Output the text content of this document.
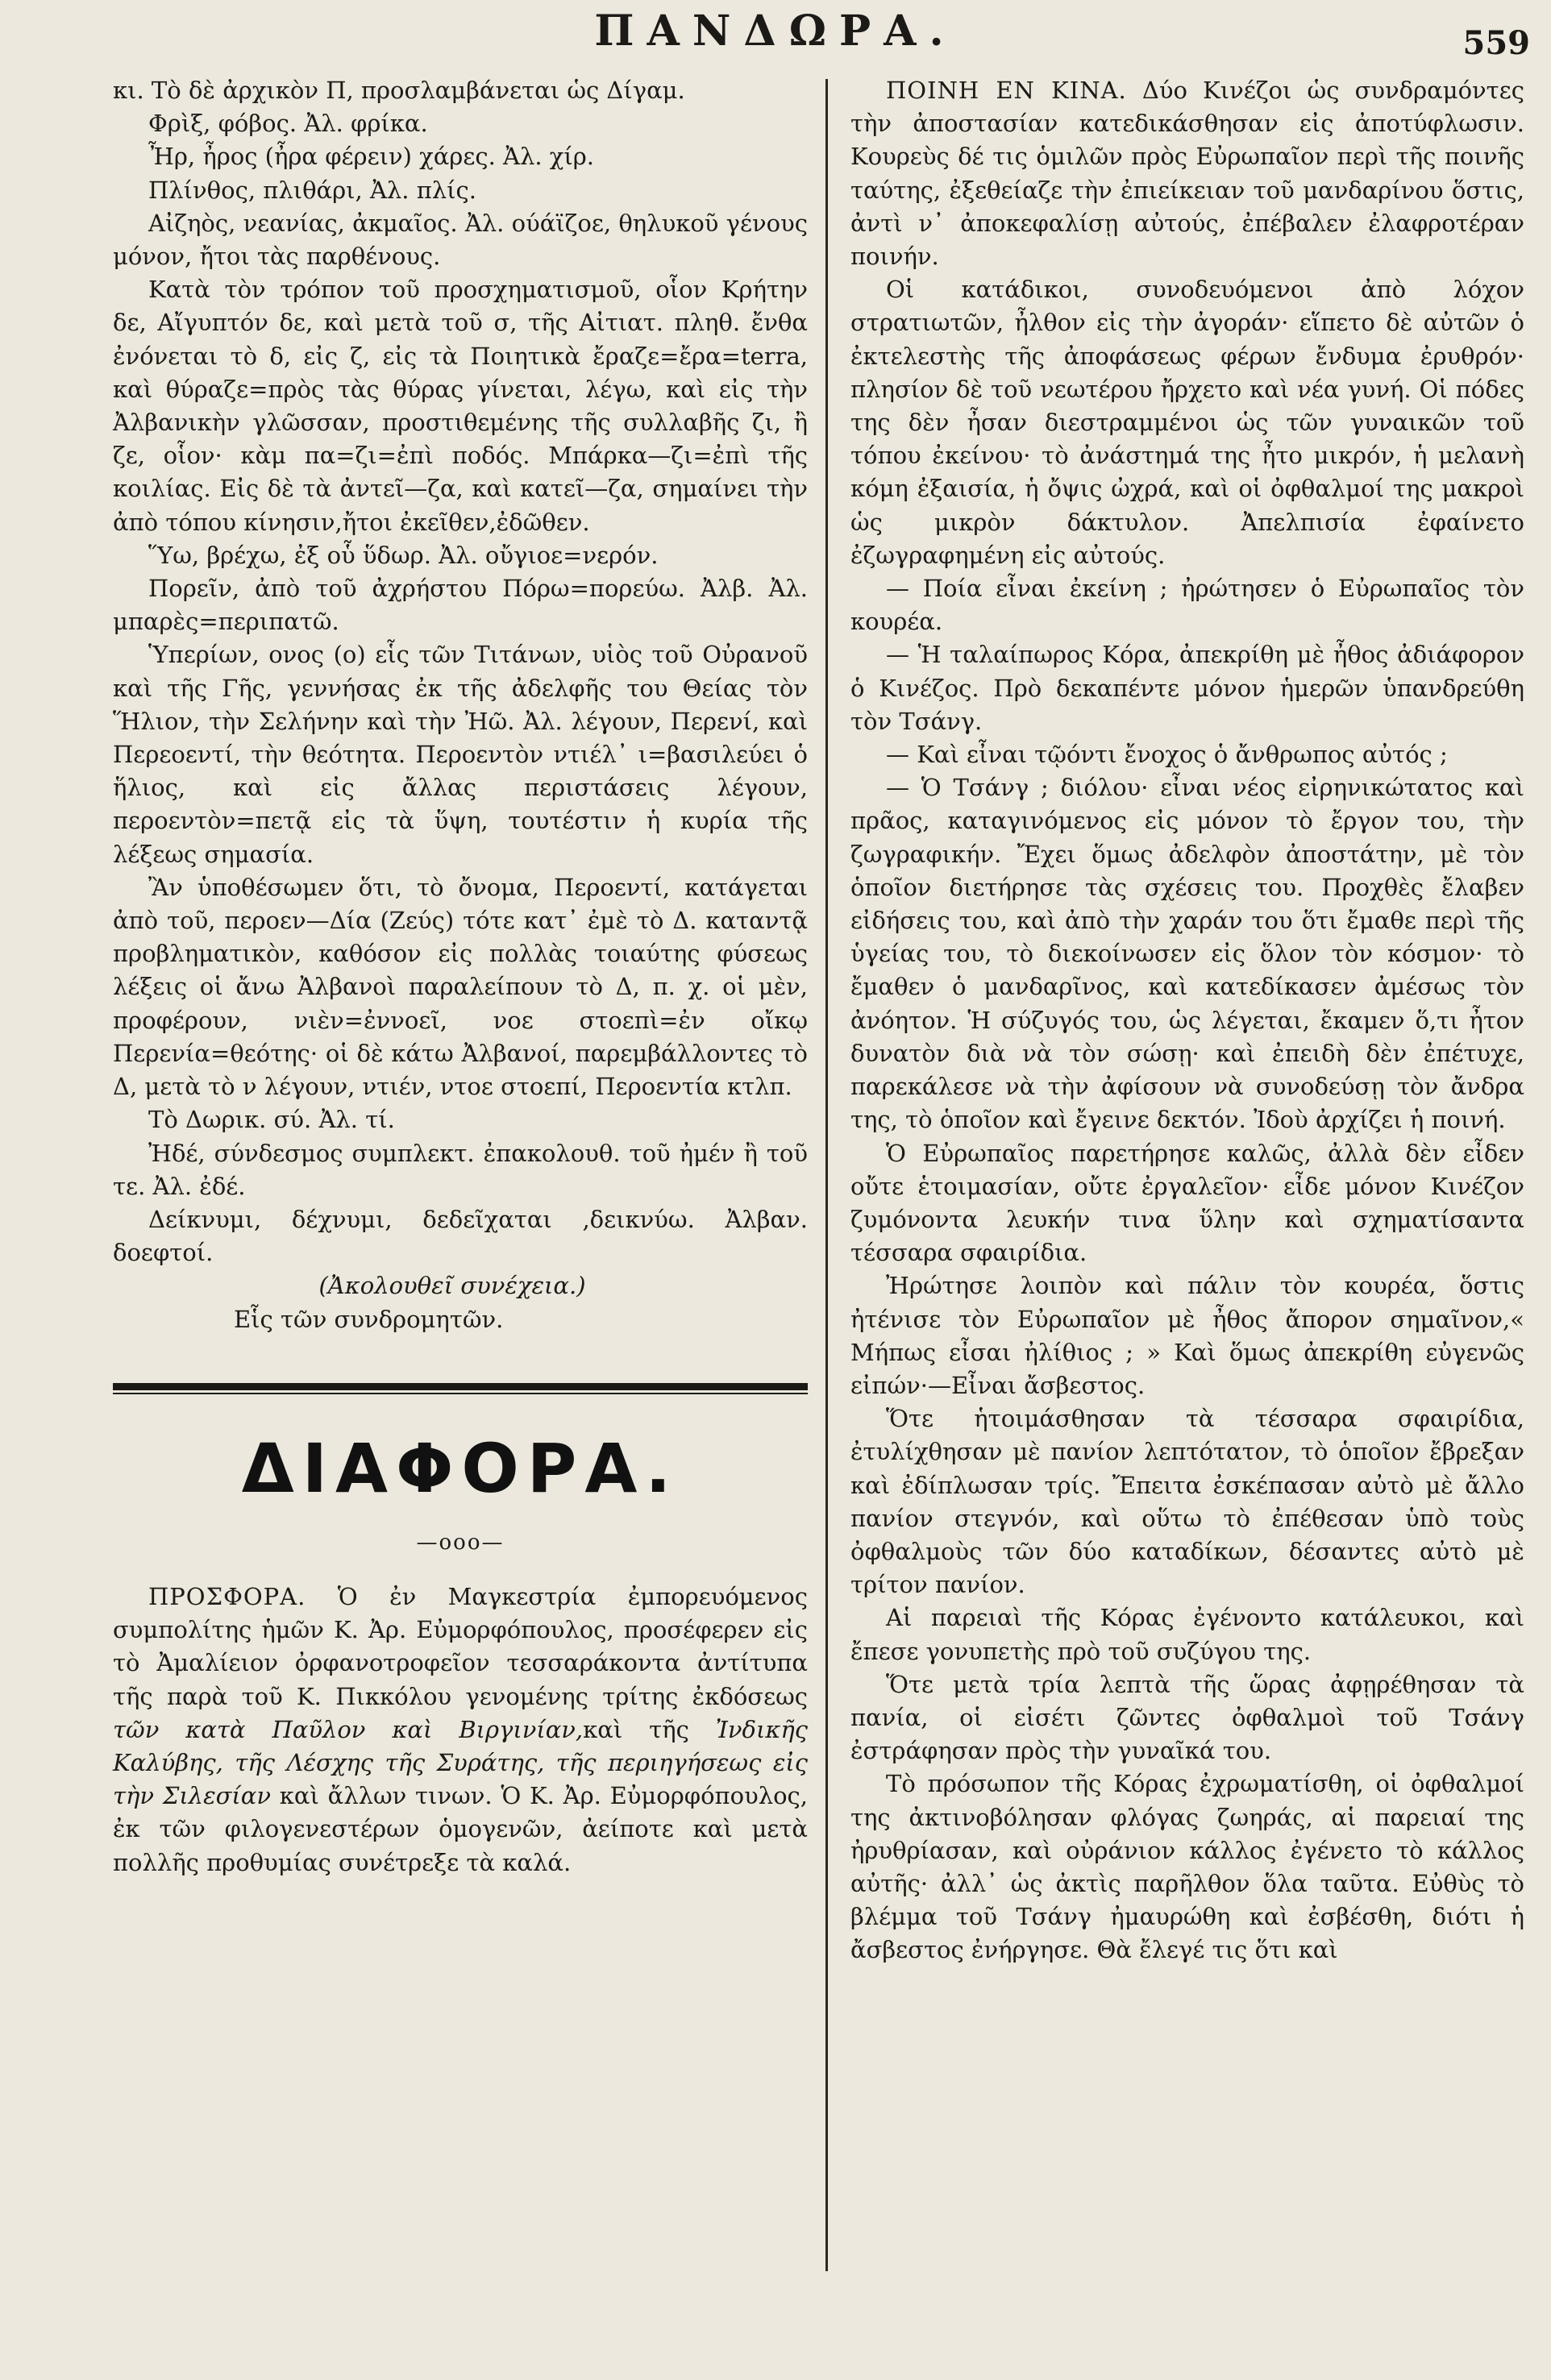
ΠΑΝΔΩΡΑ.	559

κι. Τὸ δὲ ἀρχικὸν Π, προσλαμβάνεται ὡς Δίγαμ.

Φρὶξ, φόβος. Ἀλ. φρίκα.

Ἦρ, ἦρος (ἦρα φέρειν) χάρες. Ἀλ. χίρ.

Πλίνθος, πλιθάρι, Ἀλ. πλίς.

Αἰζηὸς, νεανίας, ἀκμαῖος. Ἀλ. ούάϊζοε, θηλυκοῦ γένους μόνον, ἤτοι τὰς παρθένους.

Κατὰ τὸν τρόπον τοῦ προσχηματισμοῦ, οἷον Κρήτην δε, Αἴγυπτόν δε, καὶ μετὰ τοῦ σ, τῆς Αἰτιατ. πληθ. ἔνθα ἐνόνεται τὸ δ, εἰς ζ, εἰς τὰ Ποιητικὰ ἔραζε=ἔρα=terra, καὶ θύραζε=πρὸς τὰς θύρας γίνεται, λέγω, καὶ εἰς τὴν Ἀλβανικὴν γλῶσσαν, προστιθεμένης τῆς συλλαβῆς ζι, ἢ ζε, οἷον· κὰμ πα=ζι=ἐπὶ ποδός. Μπάρκα—ζι=ἐπὶ τῆς κοιλίας. Εἰς δὲ τὰ ἀντεῖ—ζα, καὶ κατεῖ—ζα, σημαίνει τὴν ἀπὸ τόπου κίνησιν,ἤτοι ἐκεῖθεν,ἐδῶθεν.

Ὕω, βρέχω, ἐξ οὗ ὕδωρ. Ἀλ. οὔγιοε=νερόν.

Πορεῖν, ἀπὸ τοῦ ἀχρήστου Πόρω=πορεύω. Ἀλβ. Ἀλ. μπαρὲς=περιπατῶ.

Ὑπερίων, ονος (ο) εἷς τῶν Τιτάνων, υἱὸς τοῦ Οὐρανοῦ καὶ τῆς Γῆς, γεννήσας ἐκ τῆς ἀδελφῆς του Θείας τὸν Ἥλιον, τὴν Σελήνην καὶ τὴν Ἠῶ. Ἀλ. λέγουν, Περενί, καὶ Περεοεντί, τὴν θεότητα. Περοεντὸν ντιέλ᾽ ι=βασιλεύει ὁ ἥλιος, καὶ εἰς ἄλλας περιστάσεις λέγουν, περοεντὸν=πετᾷ εἰς τὰ ὕψη, τουτέστιν ἡ κυρία τῆς λέξεως σημασία.

Ἂν ὑποθέσωμεν ὅτι, τὸ ὄνομα, Περοεντί, κατάγεται ἀπὸ τοῦ, περοεν—Δία (Ζεύς) τότε κατ᾽ ἐμὲ τὸ Δ. καταντᾷ προβληματικὸν, καθόσον εἰς πολλὰς τοιαύτης φύσεως λέξεις οἱ ἄνω Ἀλβανοὶ παραλείπουν τὸ Δ, π. χ. οἱ μὲν, προφέρουν, νιὲν=ἐννοεῖ, νοε στοεπὶ=ἐν οἴκῳ Περενία=θεότης· οἱ δὲ κάτω Ἀλβανοί, παρεμβάλλοντες τὸ Δ, μετὰ τὸ ν λέγουν, ντιέν, ντοε στοεπί, Περοεντία κτλπ.

Τὸ Δωρικ. σύ. Ἀλ. τί.

Ἠδέ, σύνδεσμος συμπλεκτ. ἐπακολουθ. τοῦ ἠμέν ἢ τοῦ τε. Ἀλ. ἐδέ.

Δείκνυμι, δέχνυμι, δεδεῖχαται ,δεικνύω. Ἀλβαν. δοεφτοί.

(Ἀκολουθεῖ συνέχεια.)

Εἷς τῶν συνδρομητῶν.

ΔΙΑΦΟΡΑ.
—ooo—

ΠΡΟΣΦΟΡΑ. Ὁ ἐν Μαγκεστρία ἐμπορευόμενος συμπολίτης ἡμῶν Κ. Ἀρ. Εὐμορφόπουλος, προσέφερεν εἰς τὸ Ἀμαλίειον ὀρφανοτροφεῖον τεσσαράκοντα ἀντίτυπα τῆς παρὰ τοῦ Κ. Πικκόλου γενομένης τρίτης ἐκδόσεως τῶν κατὰ Παῦλον καὶ Βιργινίαν,καὶ τῆς Ἰνδικῆς Καλύβης, τῆς Λέσχης τῆς Συράτης, τῆς περιηγήσεως εἰς τὴν Σιλεσίαν καὶ ἄλλων τινων. Ὁ Κ. Ἀρ. Εὐμορφόπουλος, ἐκ τῶν φιλογενεστέρων ὁμογενῶν, ἀείποτε καὶ μετὰ πολλῆς προθυμίας συνέτρεξε τὰ καλά.

ΠΟΙΝΗ ΕΝ ΚΙΝΑ. Δύο Κινέζοι ὡς συνδραμόντες τὴν ἀποστασίαν κατεδικάσθησαν εἰς ἀποτύφλωσιν. Κουρεὺς δέ τις ὁμιλῶν πρὸς Εὐρωπαῖον περὶ τῆς ποινῆς ταύτης, ἐξεθείαζε τὴν ἐπιείκειαν τοῦ μανδαρίνου ὅστις, ἀντὶ ν᾽ ἀποκεφαλίσῃ αὐτούς, ἐπέβαλεν ἐλαφροτέραν ποινήν.

Οἱ κατάδικοι, συνοδευόμενοι ἀπὸ λόχον στρατιωτῶν, ἦλθον εἰς τὴν ἀγοράν· εἵπετο δὲ αὐτῶν ὁ ἐκτελεστὴς τῆς ἀποφάσεως φέρων ἔνδυμα ἐρυθρόν· πλησίον δὲ τοῦ νεωτέρου ἤρχετο καὶ νέα γυνή. Οἱ πόδες της δὲν ἦσαν διεστραμμένοι ὡς τῶν γυναικῶν τοῦ τόπου ἐκείνου· τὸ ἀνάστημά της ἦτο μικρόν, ἡ μελανὴ κόμη ἐξαισία, ἡ ὄψις ὠχρά, καὶ οἱ ὀφθαλμοί της μακροὶ ὡς μικρὸν δάκτυλον. Ἀπελπισία ἐφαίνετο ἐζωγραφημένη εἰς αὐτούς.

— Ποία εἶναι ἐκείνη ; ἠρώτησεν ὁ Εὐρωπαῖος τὸν κουρέα.

— Ἡ ταλαίπωρος Κόρα, ἀπεκρίθη μὲ ἦθος ἀδιάφορον ὁ Κινέζος. Πρὸ δεκαπέντε μόνον ἡμερῶν ὑπανδρεύθη τὸν Τσάνγ.

— Καὶ εἶναι τῷόντι ἔνοχος ὁ ἄνθρωπος αὐτός ;

— Ὁ Τσάνγ ; διόλου· εἶναι νέος εἰρηνικώτατος καὶ πρᾶος, καταγινόμενος εἰς μόνον τὸ ἔργον του, τὴν ζωγραφικήν. Ἔχει ὅμως ἀδελφὸν ἀποστάτην, μὲ τὸν ὁποῖον διετήρησε τὰς σχέσεις του. Προχθὲς ἔλαβεν εἰδήσεις του, καὶ ἀπὸ τὴν χαράν του ὅτι ἔμαθε περὶ τῆς ὑγείας του, τὸ διεκοίνωσεν εἰς ὅλον τὸν κόσμον· τὸ ἔμαθεν ὁ μανδαρῖνος, καὶ κατεδίκασεν ἀμέσως τὸν ἀνόητον. Ἡ σύζυγός του, ὡς λέγεται, ἔκαμεν ὅ,τι ἦτον δυνατὸν διὰ νὰ τὸν σώσῃ· καὶ ἐπειδὴ δὲν ἐπέτυχε, παρεκάλεσε νὰ τὴν ἀφίσουν νὰ συνοδεύσῃ τὸν ἄνδρα της, τὸ ὁποῖον καὶ ἔγεινε δεκτόν. Ἰδοὺ ἀρχίζει ἡ ποινή.

Ὁ Εὐρωπαῖος παρετήρησε καλῶς, ἀλλὰ δὲν εἶδεν οὔτε ἑτοιμασίαν, οὔτε ἐργαλεῖον· εἶδε μόνον Κινέζον ζυμόνοντα λευκήν τινα ὕλην καὶ σχηματίσαντα τέσσαρα σφαιρίδια.

Ἠρώτησε λοιπὸν καὶ πάλιν τὸν κουρέα, ὅστις ἠτένισε τὸν Εὐρωπαῖον μὲ ἦθος ἄπορον σημαῖνον,« Μήπως εἶσαι ἠλίθιος ; » Καὶ ὅμως ἀπεκρίθη εὐγενῶς εἰπών·—Εἶναι ἄσβεστος.

Ὅτε ἡτοιμάσθησαν τὰ τέσσαρα σφαιρίδια, ἐτυλίχθησαν μὲ πανίον λεπτότατον, τὸ ὁποῖον ἔβρεξαν καὶ ἐδίπλωσαν τρίς. Ἔπειτα ἐσκέπασαν αὐτὸ μὲ ἄλλο πανίον στεγνόν, καὶ οὕτω τὸ ἐπέθεσαν ὑπὸ τοὺς ὀφθαλμοὺς τῶν δύο καταδίκων, δέσαντες αὐτὸ μὲ τρίτον πανίον.

Αἱ παρειαὶ τῆς Κόρας ἐγένοντο κατάλευκοι, καὶ ἔπεσε γονυπετὴς πρὸ τοῦ συζύγου της.

Ὅτε μετὰ τρία λεπτὰ τῆς ὥρας ἀφῃρέθησαν τὰ πανία, οἱ εἰσέτι ζῶντες ὀφθαλμοὶ τοῦ Τσάνγ ἐστράφησαν πρὸς τὴν γυναῖκά του.

Τὸ πρόσωπον τῆς Κόρας ἐχρωματίσθη, οἱ ὀφθαλμοί της ἀκτινοβόλησαν φλόγας ζωηράς, αἱ παρειαί της ἠρυθρίασαν, καὶ οὐράνιον κάλλος ἐγένετο τὸ κάλλος αὐτῆς· ἀλλ᾽ ὡς ἀκτὶς παρῆλθον ὅλα ταῦτα. Εὐθὺς τὸ βλέμμα τοῦ Τσάνγ ἠμαυρώθη καὶ ἐσβέσθη, διότι ἡ ἄσβεστος ἐνήργησε. Θὰ ἔλεγέ τις ὅτι καὶ
